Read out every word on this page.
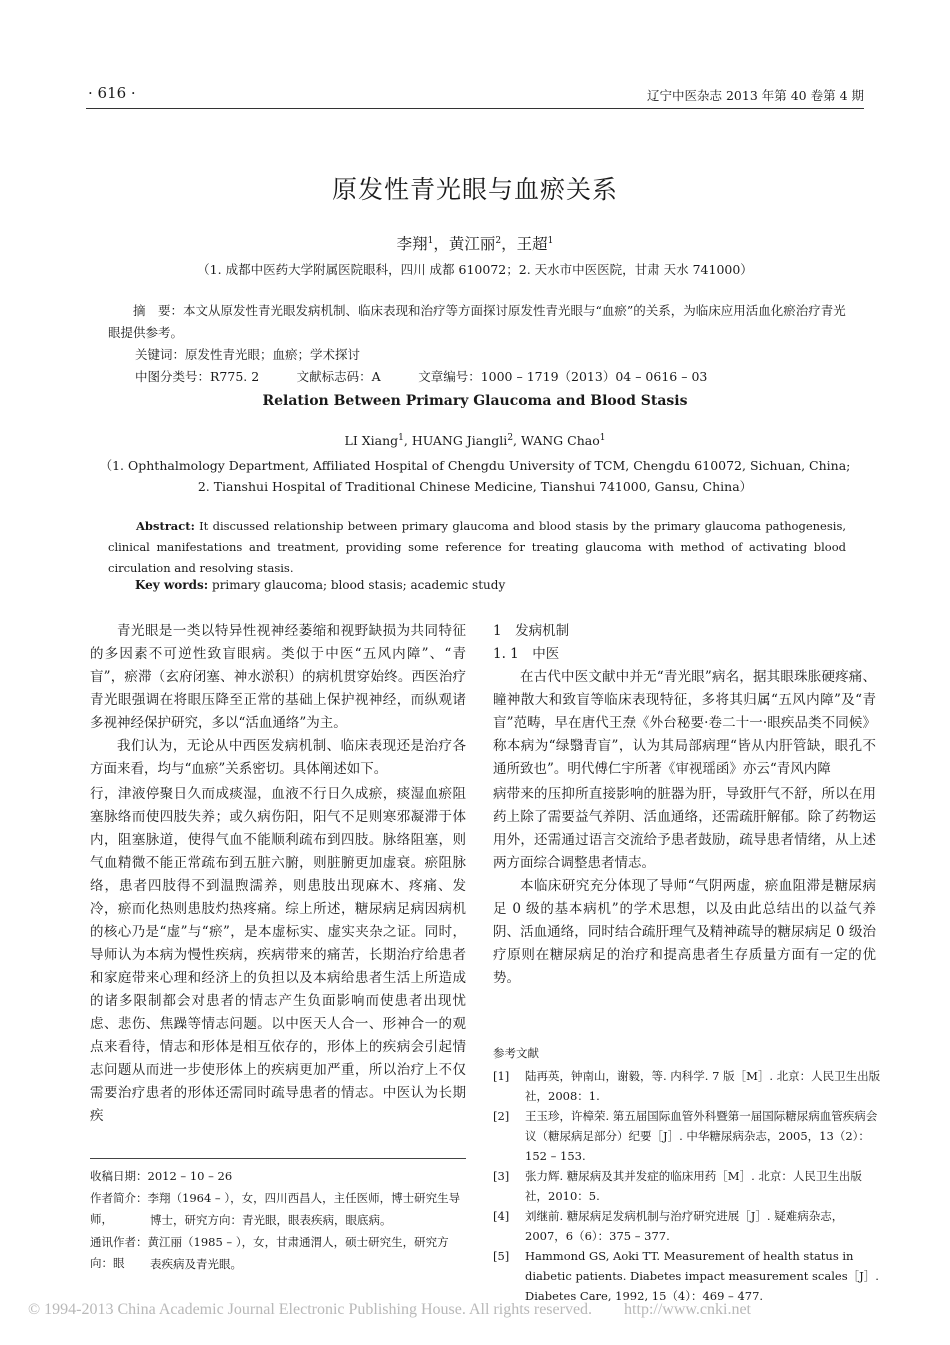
· 616 ·	辽宁中医杂志 2013 年第 40 卷第 4 期
原发性青光眼与血瘀关系
李翔$^1$，黄江丽$^2$，王超$^1$
（1. 成都中医药大学附属医院眼科，四川 成都 610072；2. 天水市中医医院，甘肃 天水 741000）
摘　要：本文从原发性青光眼发病机制、临床表现和治疗等方面探讨原发性青光眼与“血瘀”的关系，为临床应用活血化瘀治疗青光眼提供参考。
关键词：原发性青光眼；血瘀；学术探讨
中图分类号：R775. 2　　　文献标志码：A　　　文章编号：1000 – 1719（2013）04 – 0616 – 03
Relation Between Primary Glaucoma and Blood Stasis
LI Xiang$^1$, HUANG Jiangli$^2$, WANG Chao$^1$
（1. Ophthalmology Department, Affiliated Hospital of Chengdu University of TCM, Chengdu 610072, Sichuan, China;
2. Tianshui Hospital of Traditional Chinese Medicine, Tianshui 741000, Gansu, China）
Abstract: It discussed relationship between primary glaucoma and blood stasis by the primary glaucoma pathogenesis, clinical manifestations and treatment, providing some reference for treating glaucoma with method of activating blood circulation and resolving stasis.
Key words: primary glaucoma; blood stasis; academic study

青光眼是一类以特异性视神经萎缩和视野缺损为共同特征的多因素不可逆性致盲眼病。类似于中医“五风内障”、“青盲”，瘀滞（玄府闭塞、神水淤积）的病机贯穿始终。西医治疗青光眼强调在将眼压降至正常的基础上保护视神经，而纵观诸多视神经保护研究，多以“活血通络”为主。

我们认为，无论从中西医发病机制、临床表现还是治疗各方面来看，均与“血瘀”关系密切。具体阐述如下。

1　发病机制
1. 1　中医

在古代中医文献中并无“青光眼”病名，据其眼珠胀硬疼痛、瞳神散大和致盲等临床表现特征，多将其归属“五风内障”及“青盲”范畴，早在唐代王焘《外台秘要·卷二十一·眼疾品类不同候》称本病为“绿翳青盲”，认为其局部病理“皆从内肝管缺，眼孔不通所致也”。明代傅仁宇所著《审视瑶函》亦云“青风内障

行，津液停聚日久而成痰湿，血液不行日久成瘀，痰湿血瘀阻塞脉络而使四肢失养；或久病伤阳，阳气不足则寒邪凝滞于体内，阻塞脉道，使得气血不能顺利疏布到四肢。脉络阻塞，则气血精微不能正常疏布到五脏六腑，则脏腑更加虚衰。瘀阻脉络，患者四肢得不到温煦濡养，则患肢出现麻木、疼痛、发冷，瘀而化热则患肢灼热疼痛。综上所述，糖尿病足病因病机的核心乃是“虚”与“瘀”，是本虚标实、虚实夹杂之证。同时，导师认为本病为慢性疾病，疾病带来的痛苦，长期治疗给患者和家庭带来心理和经济上的负担以及本病给患者生活上所造成的诸多限制都会对患者的情志产生负面影响而使患者出现忧虑、悲伤、焦躁等情志问题。以中医天人合一、形神合一的观点来看待，情志和形体是相互依存的，形体上的疾病会引起情志问题从而进一步使形体上的疾病更加严重，所以治疗上不仅需要治疗患者的形体还需同时疏导患者的情志。中医认为长期疾

病带来的压抑所直接影响的脏器为肝，导致肝气不舒，所以在用药上除了需要益气养阴、活血通络，还需疏肝解郁。除了药物运用外，还需通过语言交流给予患者鼓励，疏导患者情绪，从上述两方面综合调整患者情志。

本临床研究充分体现了导师“气阴两虚，瘀血阻滞是糖尿病足 0 级的基本病机”的学术思想，以及由此总结出的以益气养阴、活血通络，同时结合疏肝理气及精神疏导的糖尿病足 0 级治疗原则在糖尿病足的治疗和提高患者生存质量方面有一定的优势。

参考文献
[1]	陆再英，钟南山，谢毅，等. 内科学. 7 版［M］. 北京：人民卫生出版社，2008：1.
[2]	王玉珍，许樟荣. 第五届国际血管外科暨第一届国际糖尿病血管疾病会议（糖尿病足部分）纪要［J］. 中华糖尿病杂志，2005，13（2）：152 – 153.
[3]	张力辉. 糖尿病及其并发症的临床用药［M］. 北京：人民卫生出版社，2010：5.
[4]	刘继前. 糖尿病足发病机制与治疗研究进展［J］. 疑难病杂志，2007，6（6）：375 – 377.
[5]	Hammond GS, Aoki TT. Measurement of health status in diabetic patients. Diabetes impact measurement scales［J］. Diabetes Care, 1992, 15（4）：469 – 477.
收稿日期：2012 – 10 – 26
作者简介：李翔（1964 – ），女，四川西昌人，主任医师，博士研究生导师，	博士，研究方向：青光眼，眼表疾病，眼底病。
通讯作者：黄江丽（1985 – ），女，甘肃通渭人，硕士研究生，研究方向：眼	表疾病及青光眼。
© 1994-2013 China Academic Journal Electronic Publishing House. All rights reserved.　　http://www.cnki.net
